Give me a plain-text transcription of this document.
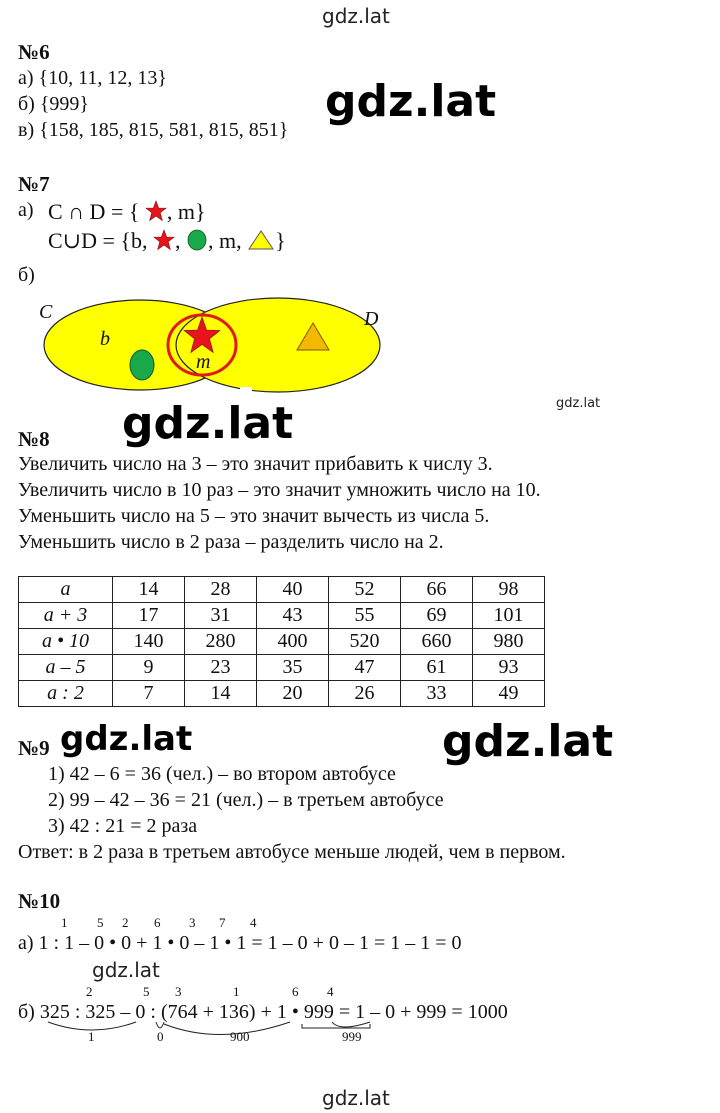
gdz.lat
gdz.lat
№6
а) {10, 11, 12, 13}
б) {999}
в) {158, 185, 815, 581, 815, 851}
№7
а) C ∩ D = { , m}
C∪D = {b, , , m, }
б)
C	D
b
m
gdz.lat
gdz.lat
№8
Увеличить число на 3 – это значит прибавить к числу 3.
Увеличить число в 10 раз – это значит умножить число на 10.
Уменьшить число на 5 – это значит вычесть из числа 5.
Уменьшить число в 2 раза – разделить число на 2.
a	14	28	40	52	66	98
a + 3	17	31	43	55	69	101
a • 10	140	280	400	520	660	980
a – 5	9	23	35	47	61	93
a : 2	7	14	20	26	33	49
№9 gdz.lat	gdz.lat
1) 42 – 6 = 36 (чел.) – во втором автобусе
2) 99 – 42 – 36 = 21 (чел.) – в третьем автобусе
3) 42 : 21 = 2 раза
Ответ: в 2 раза в третьем автобусе меньше людей, чем в первом.
№10
1 5 2 6 3 7 4
а) 1 : 1 – 0 • 0 + 1 • 0 – 1 • 1 = 1 – 0 + 0 – 1 = 1 – 1 = 0
gdz.lat
2	5 3	1	6 4
б) 325 : 325 – 0 : (764 + 136) + 1 • 999 = 1 – 0 + 999 = 1000
1	0	900	999
gdz.lat
